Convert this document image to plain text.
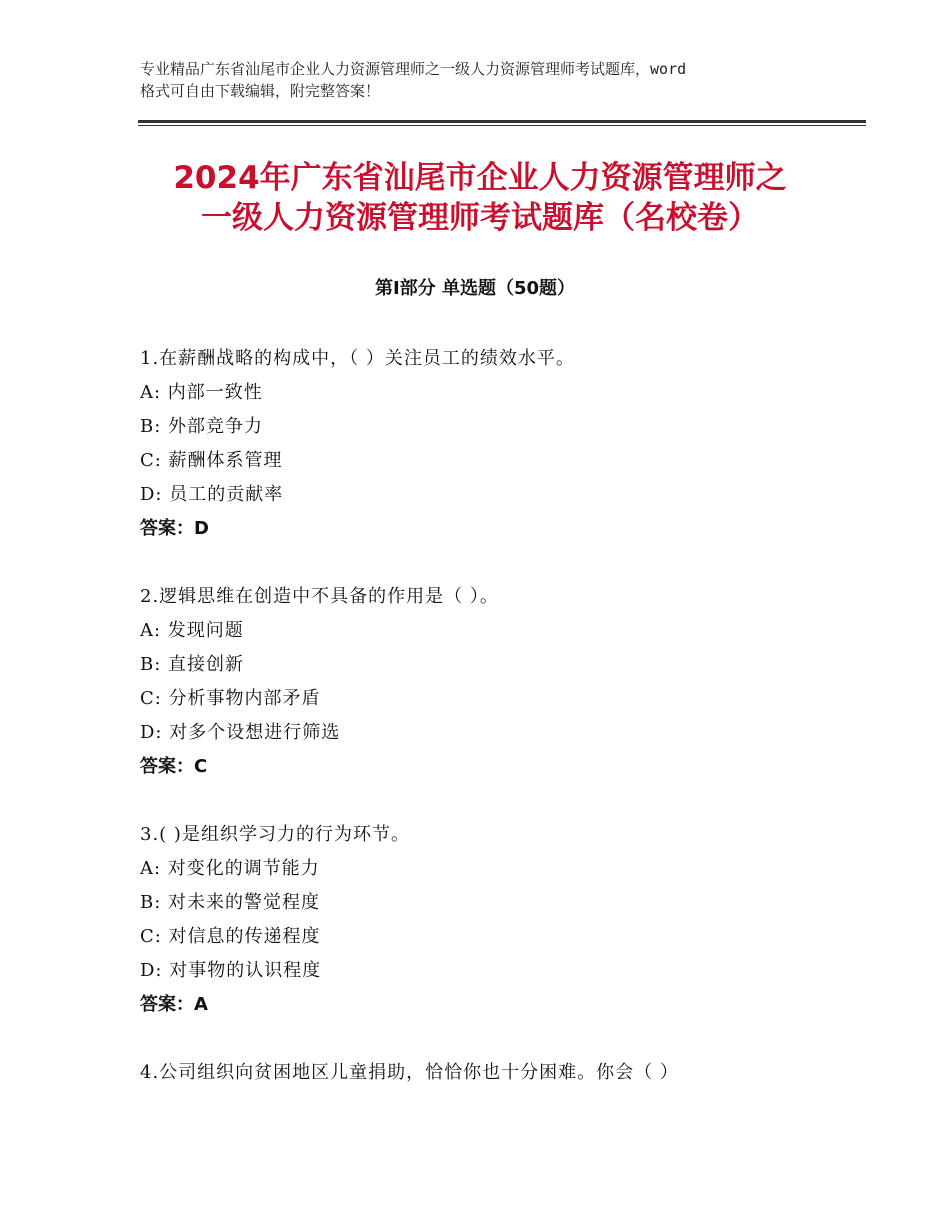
专业精品广东省汕尾市企业人力资源管理师之一级人力资源管理师考试题库，word
格式可自由下载编辑，附完整答案！
2024年广东省汕尾市企业人力资源管理师之
一级人力资源管理师考试题库（名校卷）
第Ⅰ部分 单选题（50题）
1.在薪酬战略的构成中，（ ）关注员工的绩效水平。
A: 内部一致性
B: 外部竞争力
C: 薪酬体系管理
D: 员工的贡献率
答案：D
2.逻辑思维在创造中不具备的作用是（ ）。
A: 发现问题
B: 直接创新
C: 分析事物内部矛盾
D: 对多个设想进行筛选
答案：C
3.( )是组织学习力的行为环节。
A: 对变化的调节能力
B: 对未来的警觉程度
C: 对信息的传递程度
D: 对事物的认识程度
答案：A
4.公司组织向贫困地区儿童捐助，恰恰你也十分困难。你会（ ）
